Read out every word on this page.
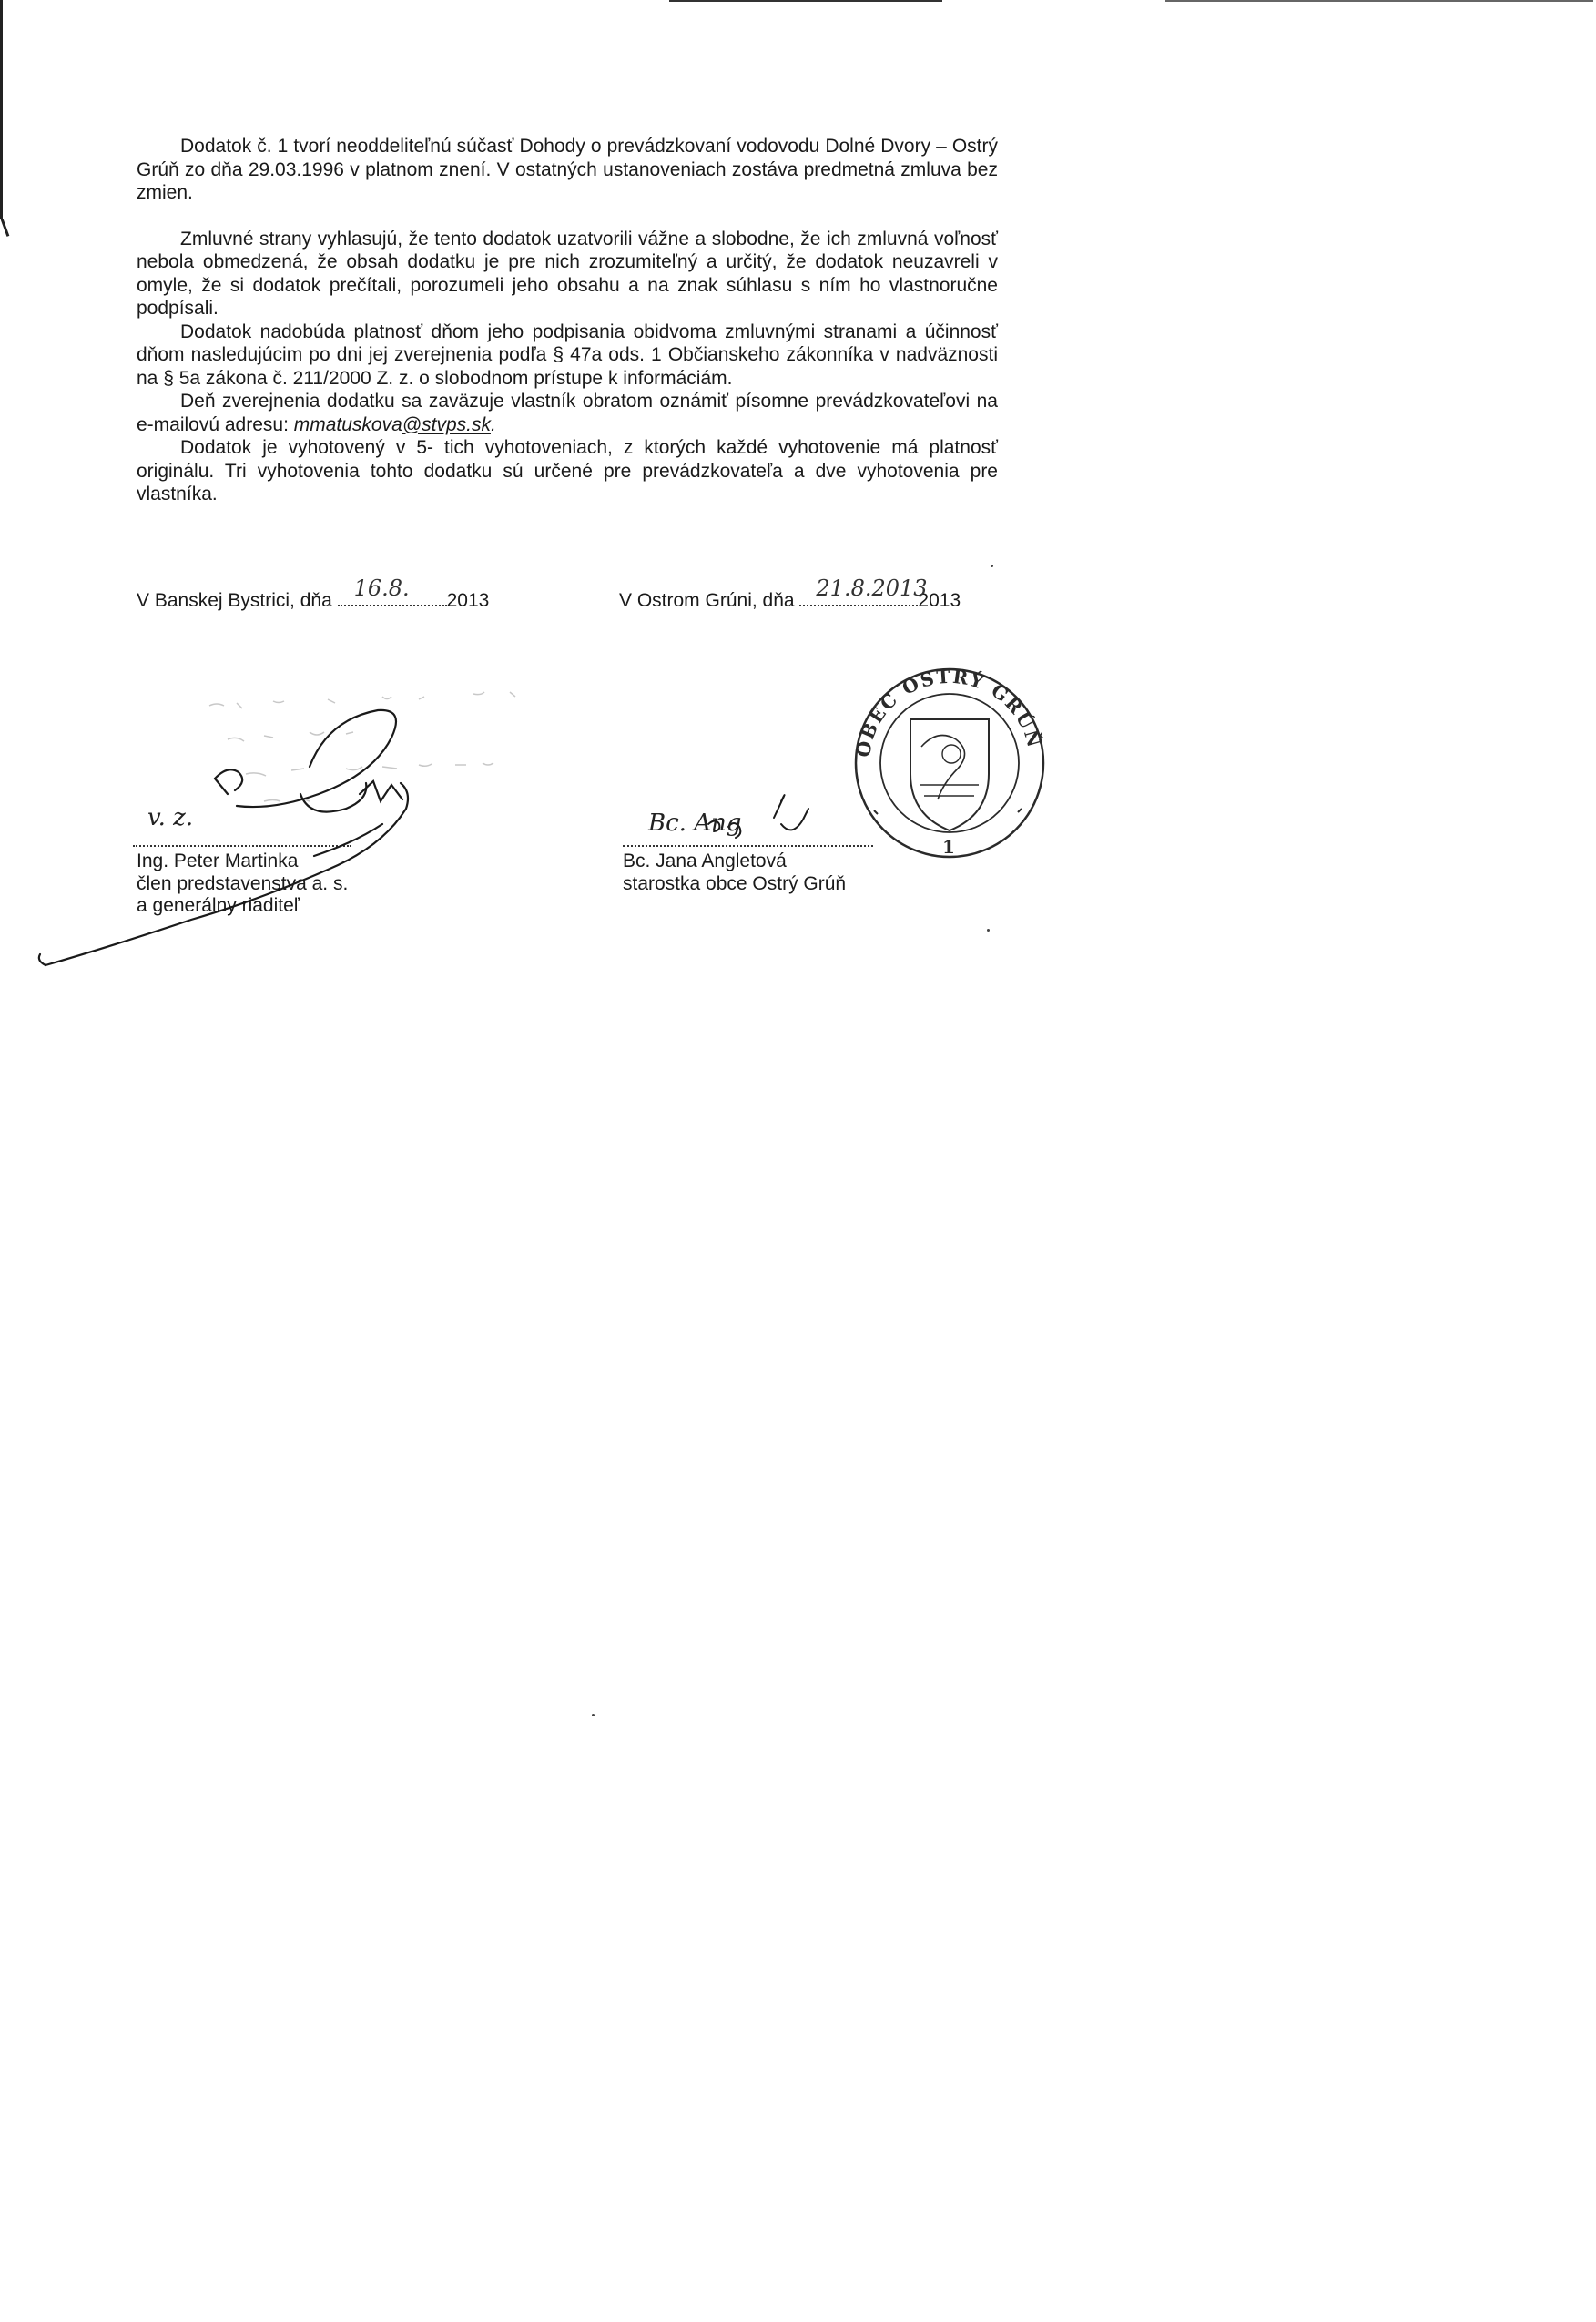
Dodatok č. 1 tvorí neoddeliteľnú súčasť Dohody o prevádzkovaní vodovodu Dolné Dvory – Ostrý Grúň zo dňa 29.03.1996 v platnom znení. V ostatných ustanoveniach zostáva predmetná zmluva bez zmien.

Zmluvné strany vyhlasujú, že tento dodatok uzatvorili vážne a slobodne, že ich zmluvná voľnosť nebola obmedzená, že obsah dodatku je pre nich zrozumiteľný a určitý, že dodatok neuzavreli v omyle, že si dodatok prečítali, porozumeli jeho obsahu a na znak súhlasu s ním ho vlastnoručne podpísali.

Dodatok nadobúda platnosť dňom jeho podpisania obidvoma zmluvnými stranami a účinnosť dňom nasledujúcim po dni jej zverejnenia podľa § 47a ods. 1 Občianskeho zákonníka v nadväznosti na § 5a zákona č. 211/2000 Z. z. o slobodnom prístupe k informáciám.

Deň zverejnenia dodatku sa zaväzuje vlastník obratom oznámiť písomne prevádzkovateľovi na e-mailovú adresu: mmatuskova@stvps.sk.

Dodatok je vyhotovený v 5- tich vyhotoveniach, z ktorých každé vyhotovenie má platnosť originálu. Tri vyhotovenia tohto dodatku sú určené pre prevádzkovateľa a dve vyhotovenia pre vlastníka.

V Banskej Bystrici, dňa 16.8. 2013	V Ostrom Grúni, dňa 21.8.2013
2013
Ing. Peter Martinka
člen predstavenstva a. s.
a generálny riaditeľ
Bc. Jana Angletová
starostka obce Ostrý Grúň
v. z.	Bc. Ang
OBEC OSTRÝ GRÚŇ
1
